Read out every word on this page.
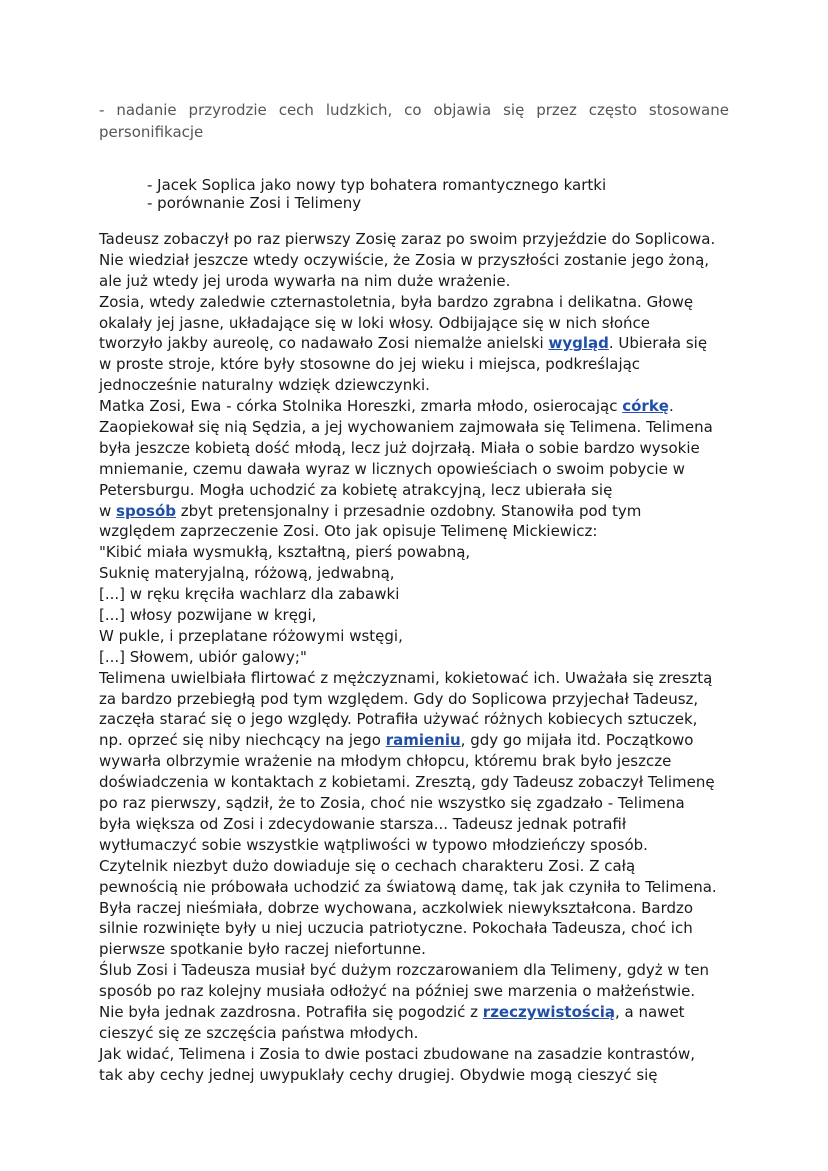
- nadanie przyrodzie cech ludzkich, co objawia się przez często stosowane personifikacje

- Jacek Soplica jako nowy typ bohatera romantycznego kartki
- porównanie Zosi i Telimeny
Tadeusz zobaczył po raz pierwszy Zosię zaraz po swoim przyjeździe do Soplicowa.
Nie wiedział jeszcze wtedy oczywiście, że Zosia w przyszłości zostanie jego żoną,
ale już wtedy jej uroda wywarła na nim duże wrażenie.
Zosia, wtedy zaledwie czternastoletnia, była bardzo zgrabna i delikatna. Głowę
okalały jej jasne, układające się w loki włosy. Odbijające się w nich słońce
tworzyło jakby aureolę, co nadawało Zosi niemalże anielski wygląd. Ubierała się
w proste stroje, które były stosowne do jej wieku i miejsca, podkreślając
jednocześnie naturalny wdzięk dziewczynki.
Matka Zosi, Ewa - córka Stolnika Horeszki, zmarła młodo, osierocając córkę.
Zaopiekował się nią Sędzia, a jej wychowaniem zajmowała się Telimena. Telimena
była jeszcze kobietą dość młodą, lecz już dojrzałą. Miała o sobie bardzo wysokie
mniemanie, czemu dawała wyraz w licznych opowieściach o swoim pobycie w
Petersburgu. Mogła uchodzić za kobietę atrakcyjną, lecz ubierała się
w sposób zbyt pretensjonalny i przesadnie ozdobny. Stanowiła pod tym
względem zaprzeczenie Zosi. Oto jak opisuje Telimenę Mickiewicz:
"Kibić miała wysmukłą, kształtną, pierś powabną,
Suknię materyjalną, różową, jedwabną,
[...] w ręku kręciła wachlarz dla zabawki
[...] włosy pozwijane w kręgi,
W pukle, i przeplatane różowymi wstęgi,
[...] Słowem, ubiór galowy;"
Telimena uwielbiała flirtować z mężczyznami, kokietować ich. Uważała się zresztą
za bardzo przebiegłą pod tym względem. Gdy do Soplicowa przyjechał Tadeusz,
zaczęła starać się o jego względy. Potrafiła używać różnych kobiecych sztuczek,
np. oprzeć się niby niechcący na jego ramieniu, gdy go mijała itd. Początkowo
wywarła olbrzymie wrażenie na młodym chłopcu, któremu brak było jeszcze
doświadczenia w kontaktach z kobietami. Zresztą, gdy Tadeusz zobaczył Telimenę
po raz pierwszy, sądził, że to Zosia, choć nie wszystko się zgadzało - Telimena
była większa od Zosi i zdecydowanie starsza... Tadeusz jednak potrafił
wytłumaczyć sobie wszystkie wątpliwości w typowo młodzieńczy sposób.
Czytelnik niezbyt dużo dowiaduje się o cechach charakteru Zosi. Z całą
pewnością nie próbowała uchodzić za światową damę, tak jak czyniła to Telimena.
Była raczej nieśmiała, dobrze wychowana, aczkolwiek niewykształcona. Bardzo
silnie rozwinięte były u niej uczucia patriotyczne. Pokochała Tadeusza, choć ich
pierwsze spotkanie było raczej niefortunne.
Ślub Zosi i Tadeusza musiał być dużym rozczarowaniem dla Telimeny, gdyż w ten
sposób po raz kolejny musiała odłożyć na później swe marzenia o małżeństwie.
Nie była jednak zazdrosna. Potrafiła się pogodzić z rzeczywistością, a nawet
cieszyć się ze szczęścia państwa młodych.
Jak widać, Telimena i Zosia to dwie postaci zbudowane na zasadzie kontrastów,
tak aby cechy jednej uwypuklały cechy drugiej. Obydwie mogą cieszyć się
